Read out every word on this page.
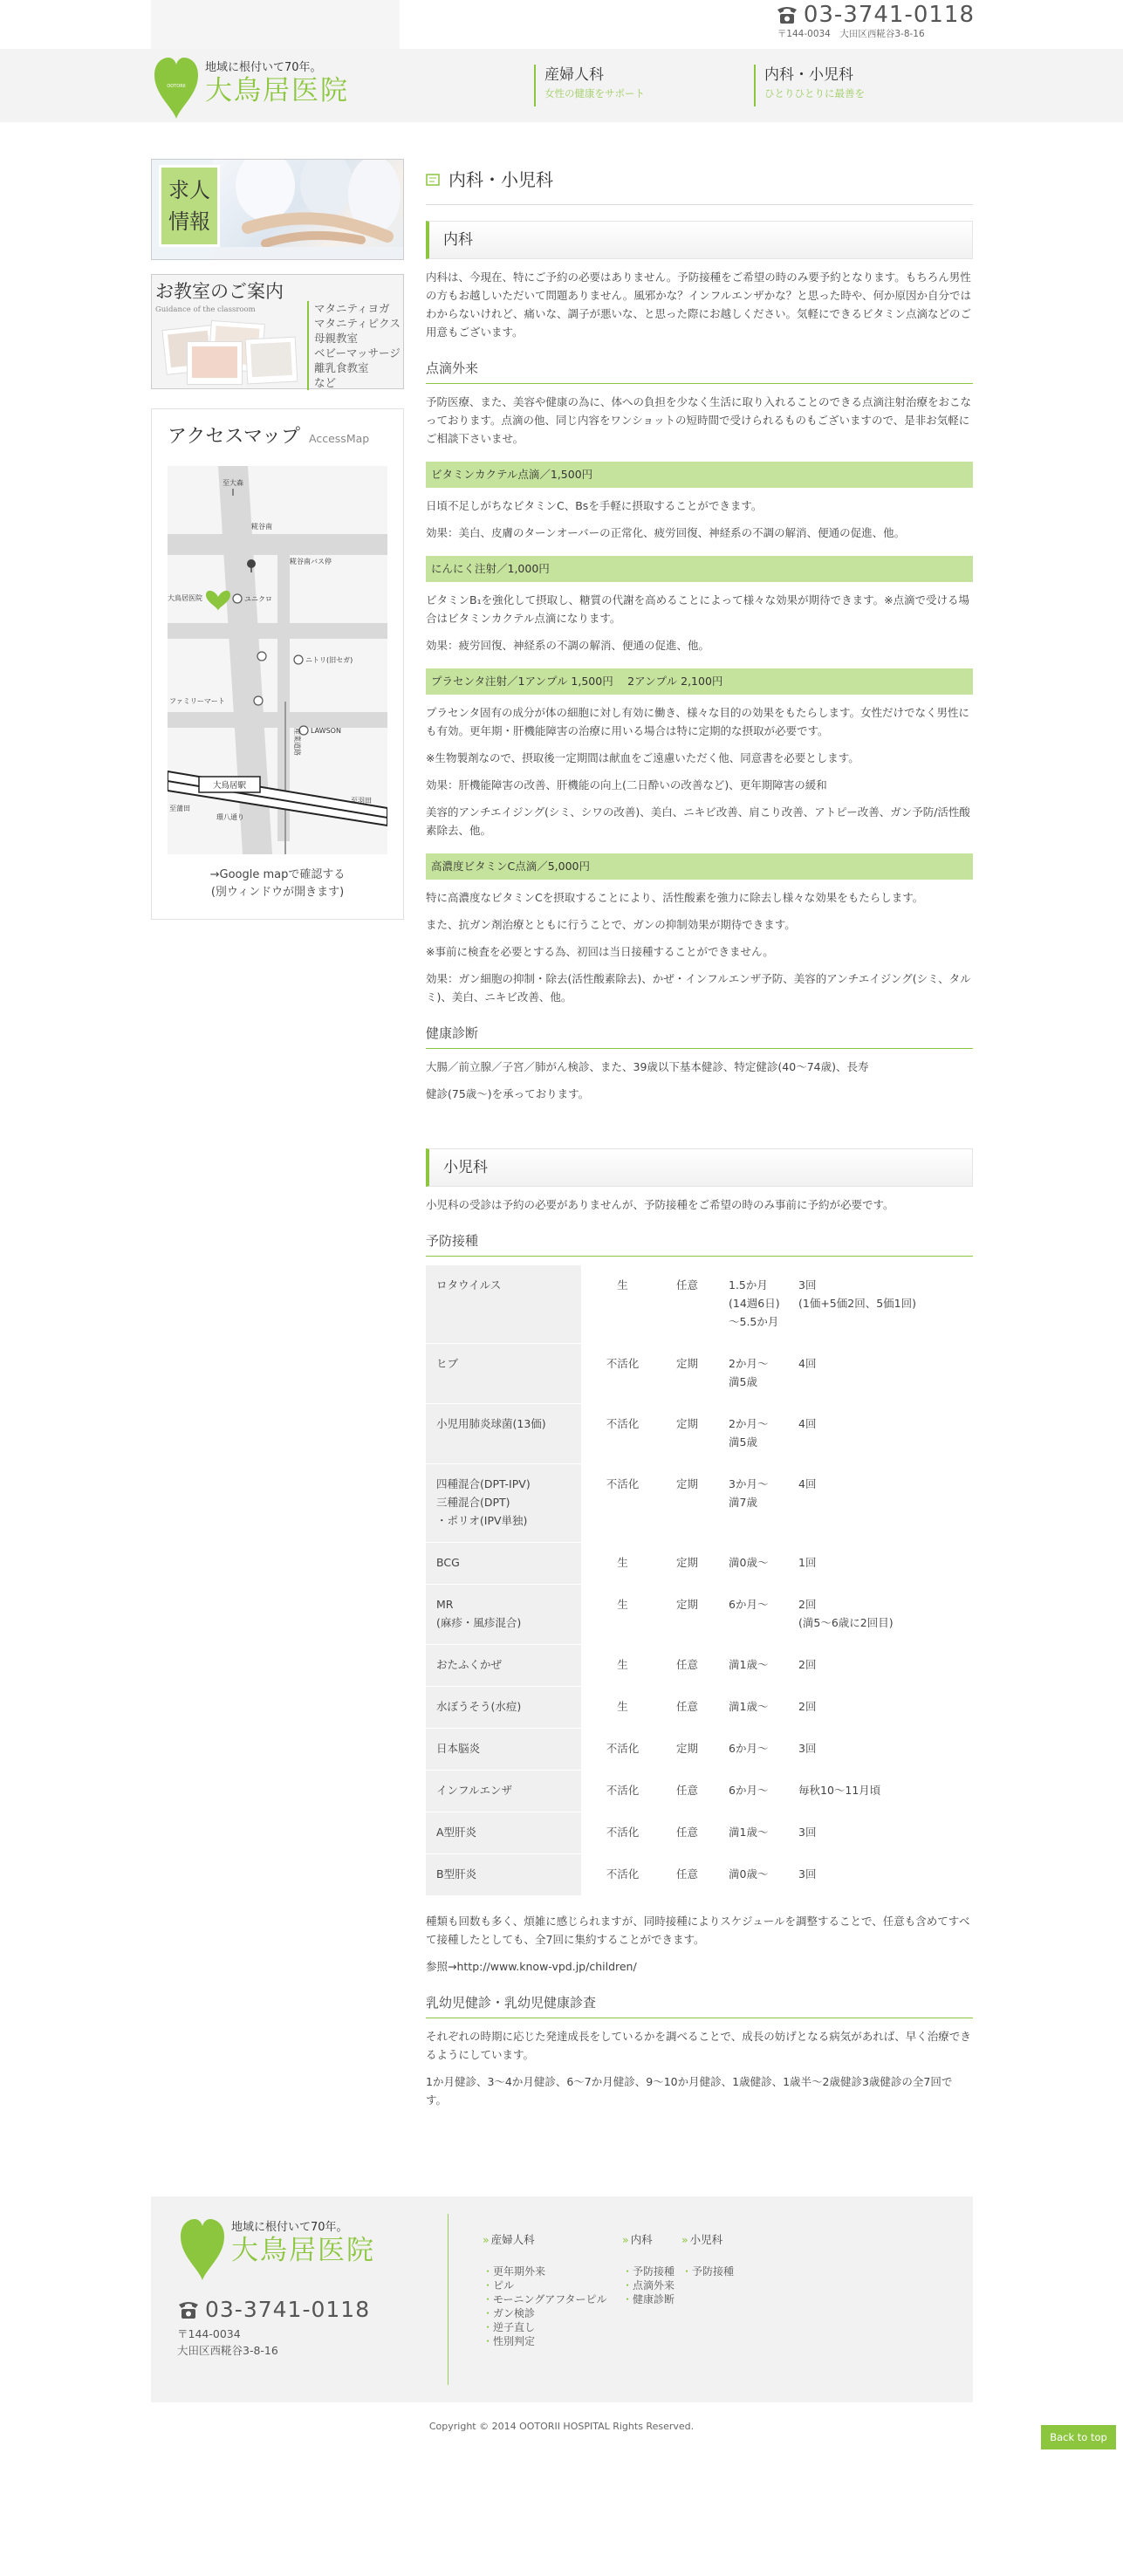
03-3741-0118
〒144-0034　大田区西糀谷3-8-16
OOTORII
地域に根付いて70年。
大鳥居医院	産婦人科
女性の健康をサポート
内科・小児科
ひとりひとりに最善を
求人情報
お教室のご案内
Guidance of the classroom	マタニティヨガ
マタニティピクス
母親教室
ベビーマッサージ
離乳食教室
など
アクセスマップ AccessMap
大鳥居駅
至大森
糀谷南
糀谷南バス停
大鳥居医院	ユニクロ
ニトリ(旧セガ)
ファミリーマート
LAWSON
産業道路
至蒲田
至羽田
環八通り
→Google mapで確認する
(別ウィンドウが開きます)
内科・小児科
内科

内科は、今現在、特にご予約の必要はありません。予防接種をご希望の時のみ要予約となります。もちろん男性の方もお越しいただいて問題ありません。風邪かな？インフルエンザかな？と思った時や、何か原因か自分ではわからないけれど、痛いな、調子が悪いな、と思った際にお越しください。気軽にできるビタミン点滴などのご用意もございます。

点滴外来

予防医療、また、美容や健康の為に、体への負担を少なく生活に取り入れることのできる点滴注射治療をおこなっております。点滴の他、同じ内容をワンショットの短時間で受けられるものもございますので、是非お気軽にご相談下さいませ。

ビタミンカクテル点滴／1,500円

日頃不足しがちなビタミンC、Bsを手軽に摂取することができます。

効果：美白、皮膚のターンオーバーの正常化、疲労回復、神経系の不調の解消、便通の促進、他。

にんにく注射／1,000円

ビタミンB₁を強化して摂取し、糖質の代謝を高めることによって様々な効果が期待できます。※点滴で受ける場合はビタミンカクテル点滴になります。

効果：疲労回復、神経系の不調の解消、便通の促進、他。

プラセンタ注射／1アンプル 1,500円　 2アンプル 2,100円

プラセンタ固有の成分が体の細胞に対し有効に働き、様々な目的の効果をもたらします。女性だけでなく男性にも有効。更年期・肝機能障害の治療に用いる場合は特に定期的な摂取が必要です。

※生物製剤なので、摂取後一定期間は献血をご遠慮いただく他、同意書を必要とします。

効果：肝機能障害の改善、肝機能の向上(二日酔いの改善など)、更年期障害の緩和

美容的アンチエイジング(シミ、シワの改善)、美白、ニキビ改善、肩こり改善、アトピー改善、ガン予防/活性酸素除去、他。

高濃度ビタミンC点滴／5,000円

特に高濃度なビタミンCを摂取することにより、活性酸素を強力に除去し様々な効果をもたらします。

また、抗ガン剤治療とともに行うことで、ガンの抑制効果が期待できます。

※事前に検査を必要とする為、初回は当日接種することができません。

効果：ガン細胞の抑制・除去(活性酸素除去)、かぜ・インフルエンザ予防、美容的アンチエイジング(シミ、タルミ)、美白、ニキビ改善、他。

健康診断

大腸／前立腺／子宮／肺がん検診、また、39歳以下基本健診、特定健診(40～74歳)、長寿

健診(75歳～)を承っております。

小児科

小児科の受診は予約の必要がありませんが、予防接種をご希望の時のみ事前に予約が必要です。

予防接種
ロタウイルス	生	任意	1.5か月
(14週6日)
～5.5か月	3回
(1価+5価2回、5価1回)
ヒブ	不活化	定期	2か月～
満5歳	4回
小児用肺炎球菌(13価)	不活化	定期	2か月～
満5歳	4回
四種混合(DPT-IPV)
三種混合(DPT)
・ポリオ(IPV単独)	不活化	定期	3か月～
満7歳	4回
BCG	生	定期	満0歳～	1回
MR
(麻疹・風疹混合)	生	定期	6か月～	2回
(満5～6歳に2回目)
おたふくかぜ	生	任意	満1歳～	2回
水ぼうそう(水痘)	生	任意	満1歳～	2回
日本脳炎	不活化	定期	6か月～	3回
インフルエンザ	不活化	任意	6か月～	毎秋10～11月頃
A型肝炎	不活化	任意	満1歳～	3回
B型肝炎	不活化	任意	満0歳～	3回

種類も回数も多く、煩雑に感じられますが、同時接種によりスケジュールを調整することで、任意も含めてすべて接種したとしても、全7回に集約することができます。

参照→http://www.know-vpd.jp/children/

乳幼児健診・乳幼児健康診査

それぞれの時期に応じた発達成長をしているかを調べることで、成長の妨げとなる病気があれば、早く治療できるようにしています。

1か月健診、3～4か月健診、6～7か月健診、9～10か月健診、1歳健診、1歳半～2歳健診3歳健診の全7回です。

地域に根付いて70年。
大鳥居医院
03-3741-0118
〒144-0034
大田区西糀谷3-8-16
» 産婦人科
・ 更年期外来
・ ピル
・ モーニングアフターピル
・ ガン検診
・ 逆子直し
・ 性別判定
» 内科
・ 予防接種
・ 点滴外来
・ 健康診断
» 小児科
・ 予防接種
Copyright © 2014 OOTORII HOSPITAL Rights Reserved.
Back to top
